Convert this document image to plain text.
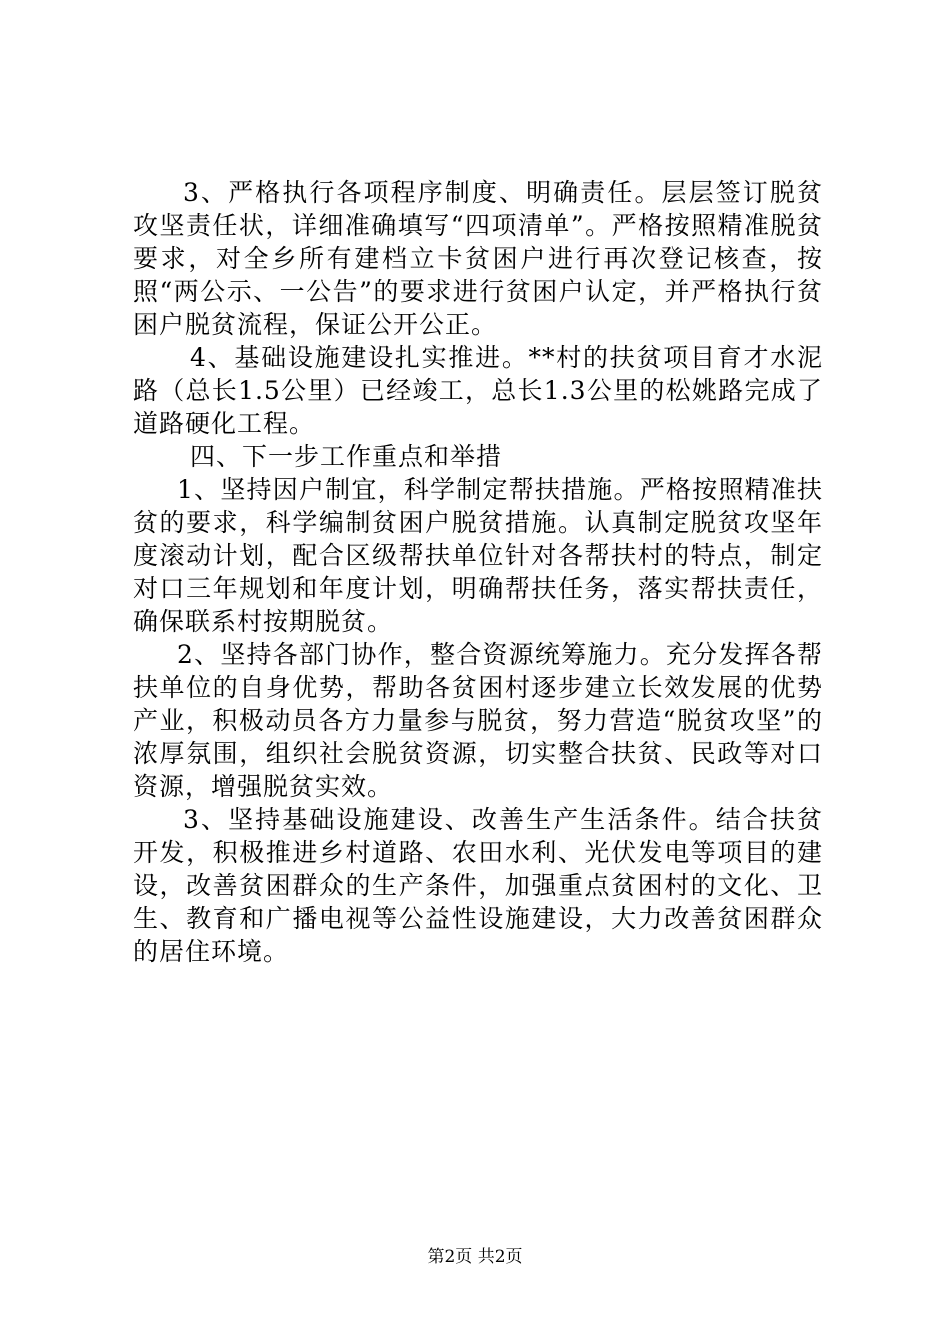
3、严格执行各项程序制度、明确责任。层层签订脱贫攻坚责任状，详细准确填写“四项清单”。严格按照精准脱贫要求，对全乡所有建档立卡贫困户进行再次登记核查，按照“两公示、一公告”的要求进行贫困户认定，并严格执行贫困户脱贫流程，保证公开公正。

4、基础设施建设扎实推进。**村的扶贫项目育才水泥路（总长1.5公里）已经竣工，总长1.3公里的松姚路完成了道路硬化工程。

四、下一步工作重点和举措

1、坚持因户制宜，科学制定帮扶措施。严格按照精准扶贫的要求，科学编制贫困户脱贫措施。认真制定脱贫攻坚年度滚动计划，配合区级帮扶单位针对各帮扶村的特点，制定对口三年规划和年度计划，明确帮扶任务，落实帮扶责任，确保联系村按期脱贫。

2、坚持各部门协作，整合资源统筹施力。充分发挥各帮扶单位的自身优势，帮助各贫困村逐步建立长效发展的优势产业，积极动员各方力量参与脱贫，努力营造“脱贫攻坚”的浓厚氛围，组织社会脱贫资源，切实整合扶贫、民政等对口资源，增强脱贫实效。

3、坚持基础设施建设、改善生产生活条件。结合扶贫开发，积极推进乡村道路、农田水利、光伏发电等项目的建设，改善贫困群众的生产条件，加强重点贫困村的文化、卫生、教育和广播电视等公益性设施建设，大力改善贫困群众的居住环境。

第2页 共2页
